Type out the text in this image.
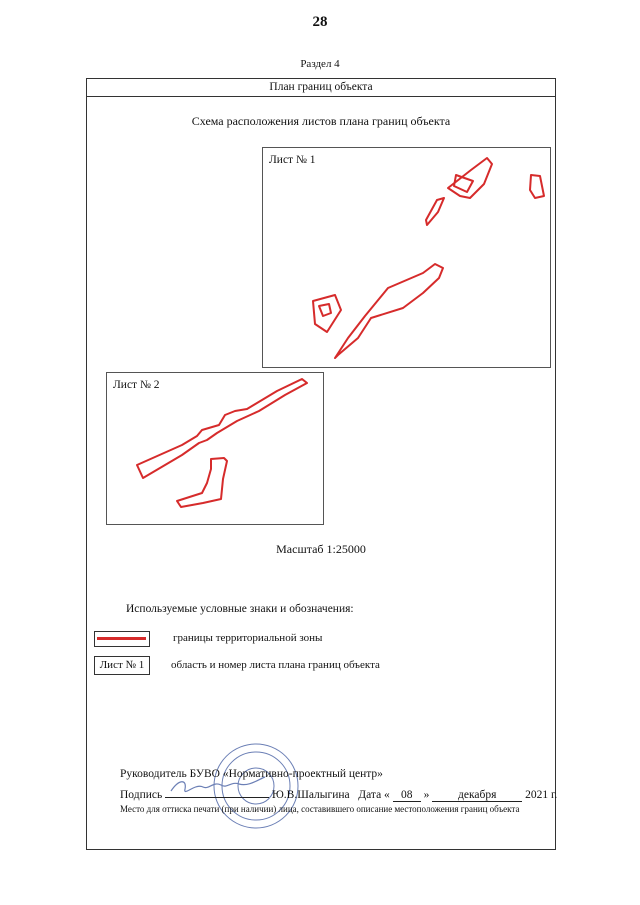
28
Раздел 4
План границ объекта
Схема расположения листов плана границ объекта
Лист № 1
Лист № 2
Масштаб 1:25000
Используемые условные знаки и обозначения:
границы территориальной зоны
Лист № 1	область и номер листа плана границ объекта
Руководитель БУВО «Нормативно-проектный центр»
Подпись	Ю.В.Шалыгина Дата « 08 » декабря 2021 г.
Место для оттиска печати (при наличии) лица, составившего описание местоположения границ объекта
